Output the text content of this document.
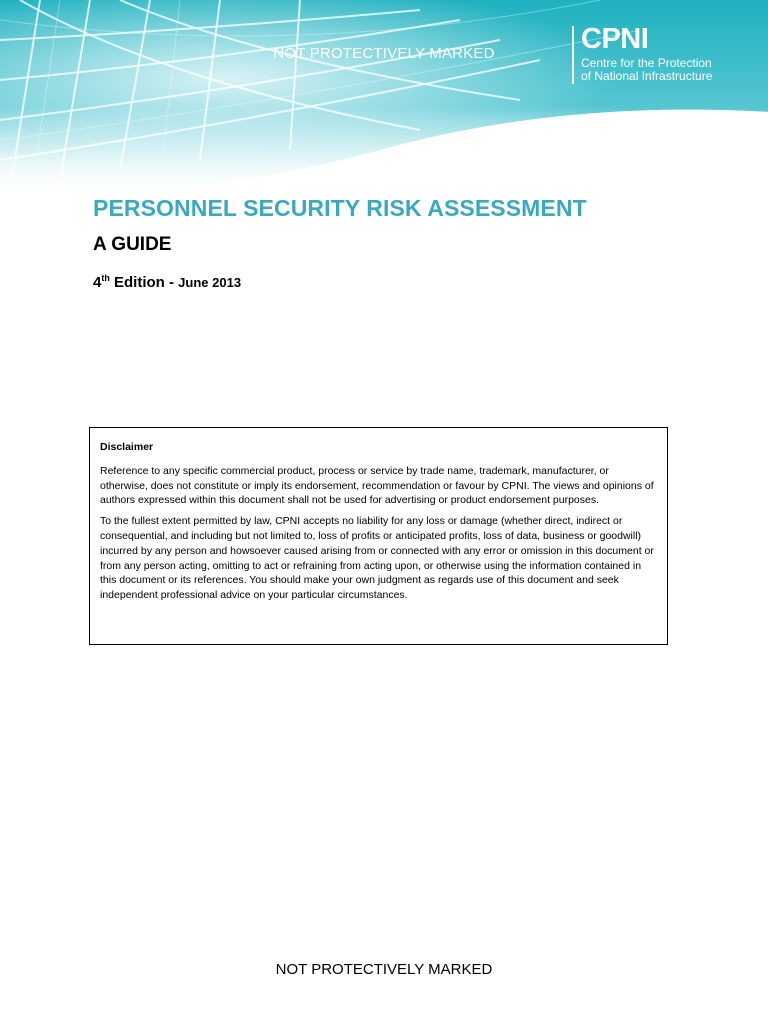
NOT PROTECTIVELY MARKED	CPNI
Centre for the Protection
of National Infrastructure
PERSONNEL SECURITY RISK ASSESSMENT
A GUIDE
4th Edition - June 2013
Disclaimer

Reference to any specific commercial product, process or service by trade name, trademark, manufacturer, or otherwise, does not constitute or imply its endorsement, recommendation or favour by CPNI. The views and opinions of authors expressed within this document shall not be used for advertising or product endorsement purposes.

To the fullest extent permitted by law, CPNI accepts no liability for any loss or damage (whether direct, indirect or consequential, and including but not limited to, loss of profits or anticipated profits, loss of data, business or goodwill) incurred by any person and howsoever caused arising from or connected with any error or omission in this document or from any person acting, omitting to act or refraining from acting upon, or otherwise using the information contained in this document or its references. You should make your own judgment as regards use of this document and seek independent professional advice on your particular circumstances.

NOT PROTECTIVELY MARKED
